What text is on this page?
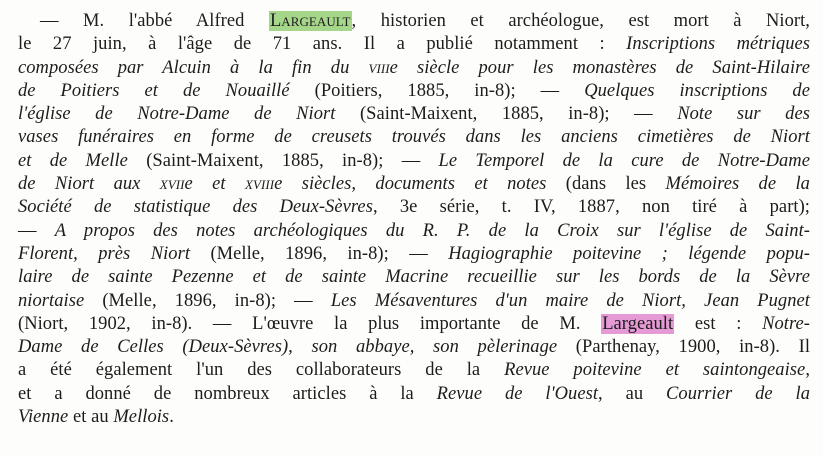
— M. l'abbé Alfred Largeault, historien et archéologue, est mort à Niort,
le 27 juin, à l'âge de 71 ans. Il a publié notamment : Inscriptions métriques
composées par Alcuin à la fin du viiie siècle pour les monastères de Saint-Hilaire
de Poitiers et de Nouaillé (Poitiers, 1885, in-8); — Quelques inscriptions de
l'église de Notre-Dame de Niort (Saint-Maixent, 1885, in-8); — Note sur des
vases funéraires en forme de creusets trouvés dans les anciens cimetières de Niort
et de Melle (Saint-Maixent, 1885, in-8); — Le Temporel de la cure de Notre-Dame
de Niort aux xviie et xviiie siècles, documents et notes (dans les Mémoires de la
Société de statistique des Deux-Sèvres, 3e série, t. IV, 1887, non tiré à part);
— A propos des notes archéologiques du R. P. de la Croix sur l'église de Saint-
Florent, près Niort (Melle, 1896, in-8); — Hagiographie poitevine ; légende popu-
laire de sainte Pezenne et de sainte Macrine recueillie sur les bords de la Sèvre
niortaise (Melle, 1896, in-8); — Les Mésaventures d'un maire de Niort, Jean Pugnet
(Niort, 1902, in-8). — L'œuvre la plus importante de M. Largeault est : Notre-
Dame de Celles (Deux-Sèvres), son abbaye, son pèlerinage (Parthenay, 1900, in-8). Il
a été également l'un des collaborateurs de la Revue poitevine et saintongeaise,
et a donné de nombreux articles à la Revue de l'Ouest, au Courrier de la
Vienne et au Mellois.
